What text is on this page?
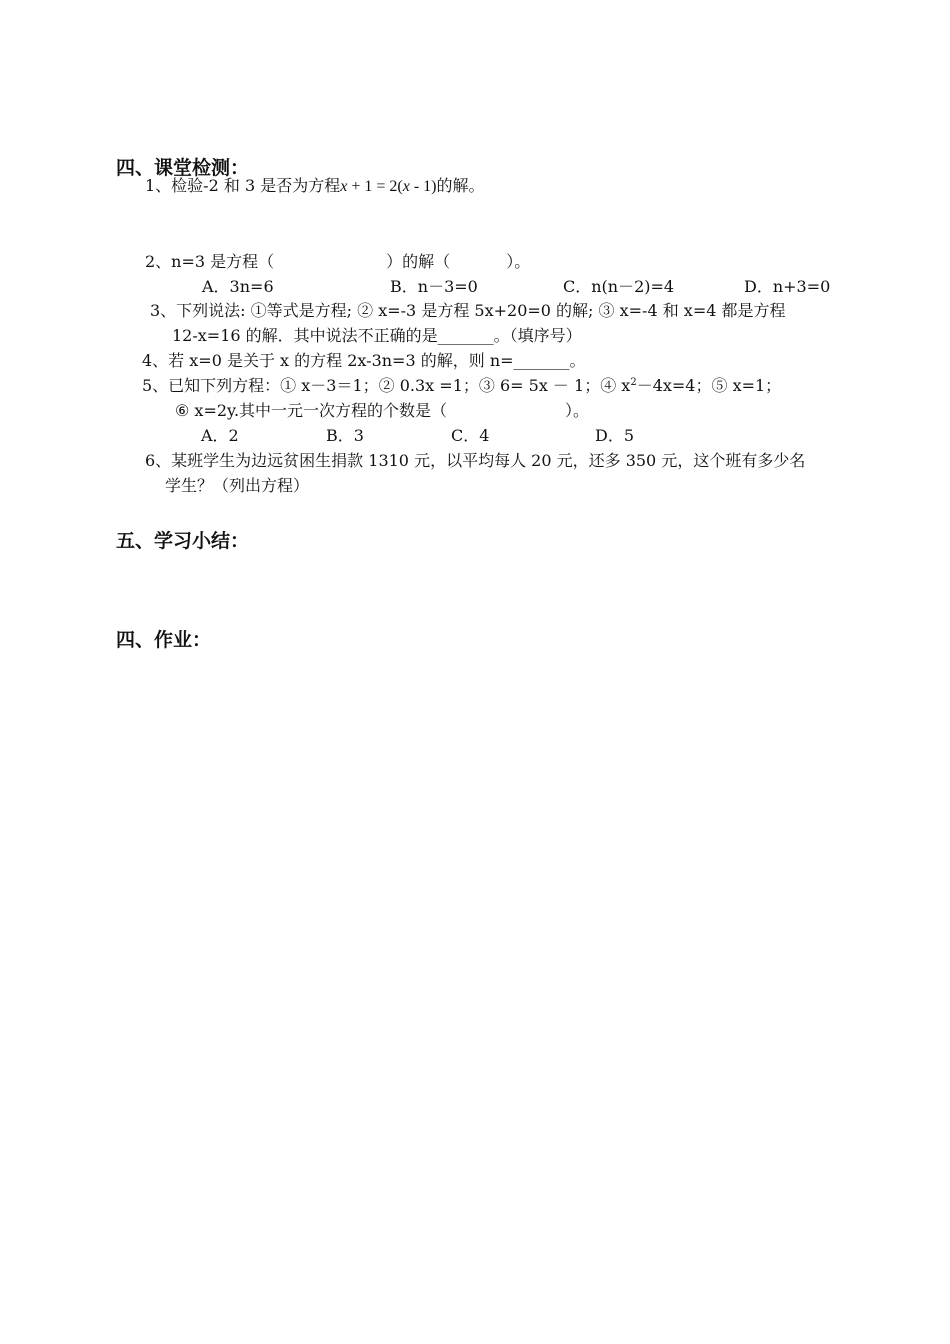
四、课堂检测：
1、检验-2 和 3 是否为方程x + 1 = 2(x - 1)的解。
2、n=3 是方程（	）的解（	）。
A．3n=6	B．n－3=0	C．n(n－2)=4	D．n+3=0
3、下列说法: ①等式是方程; ② x=-3 是方程 5x+20=0 的解; ③ x=-4 和 x=4 都是方程
12-x=16 的解．其中说法不正确的是_______。（填序号）
4、若 x=0 是关于 x 的方程 2x-3n=3 的解，则 n=_______。
5、已知下列方程：① x－3＝1；② 0.3x =1；③ 6= 5x － 1；④ $x^2-4x=4$；⑤ x=1；
⑥ x=2y.其中一元一次方程的个数是（	）。
A．2	B．3	C．4	D．5
6、某班学生为边远贫困生捐款 1310 元，以平均每人 20 元，还多 350 元，这个班有多少名
学生？（列出方程）
五、学习小结：
四、作业：
